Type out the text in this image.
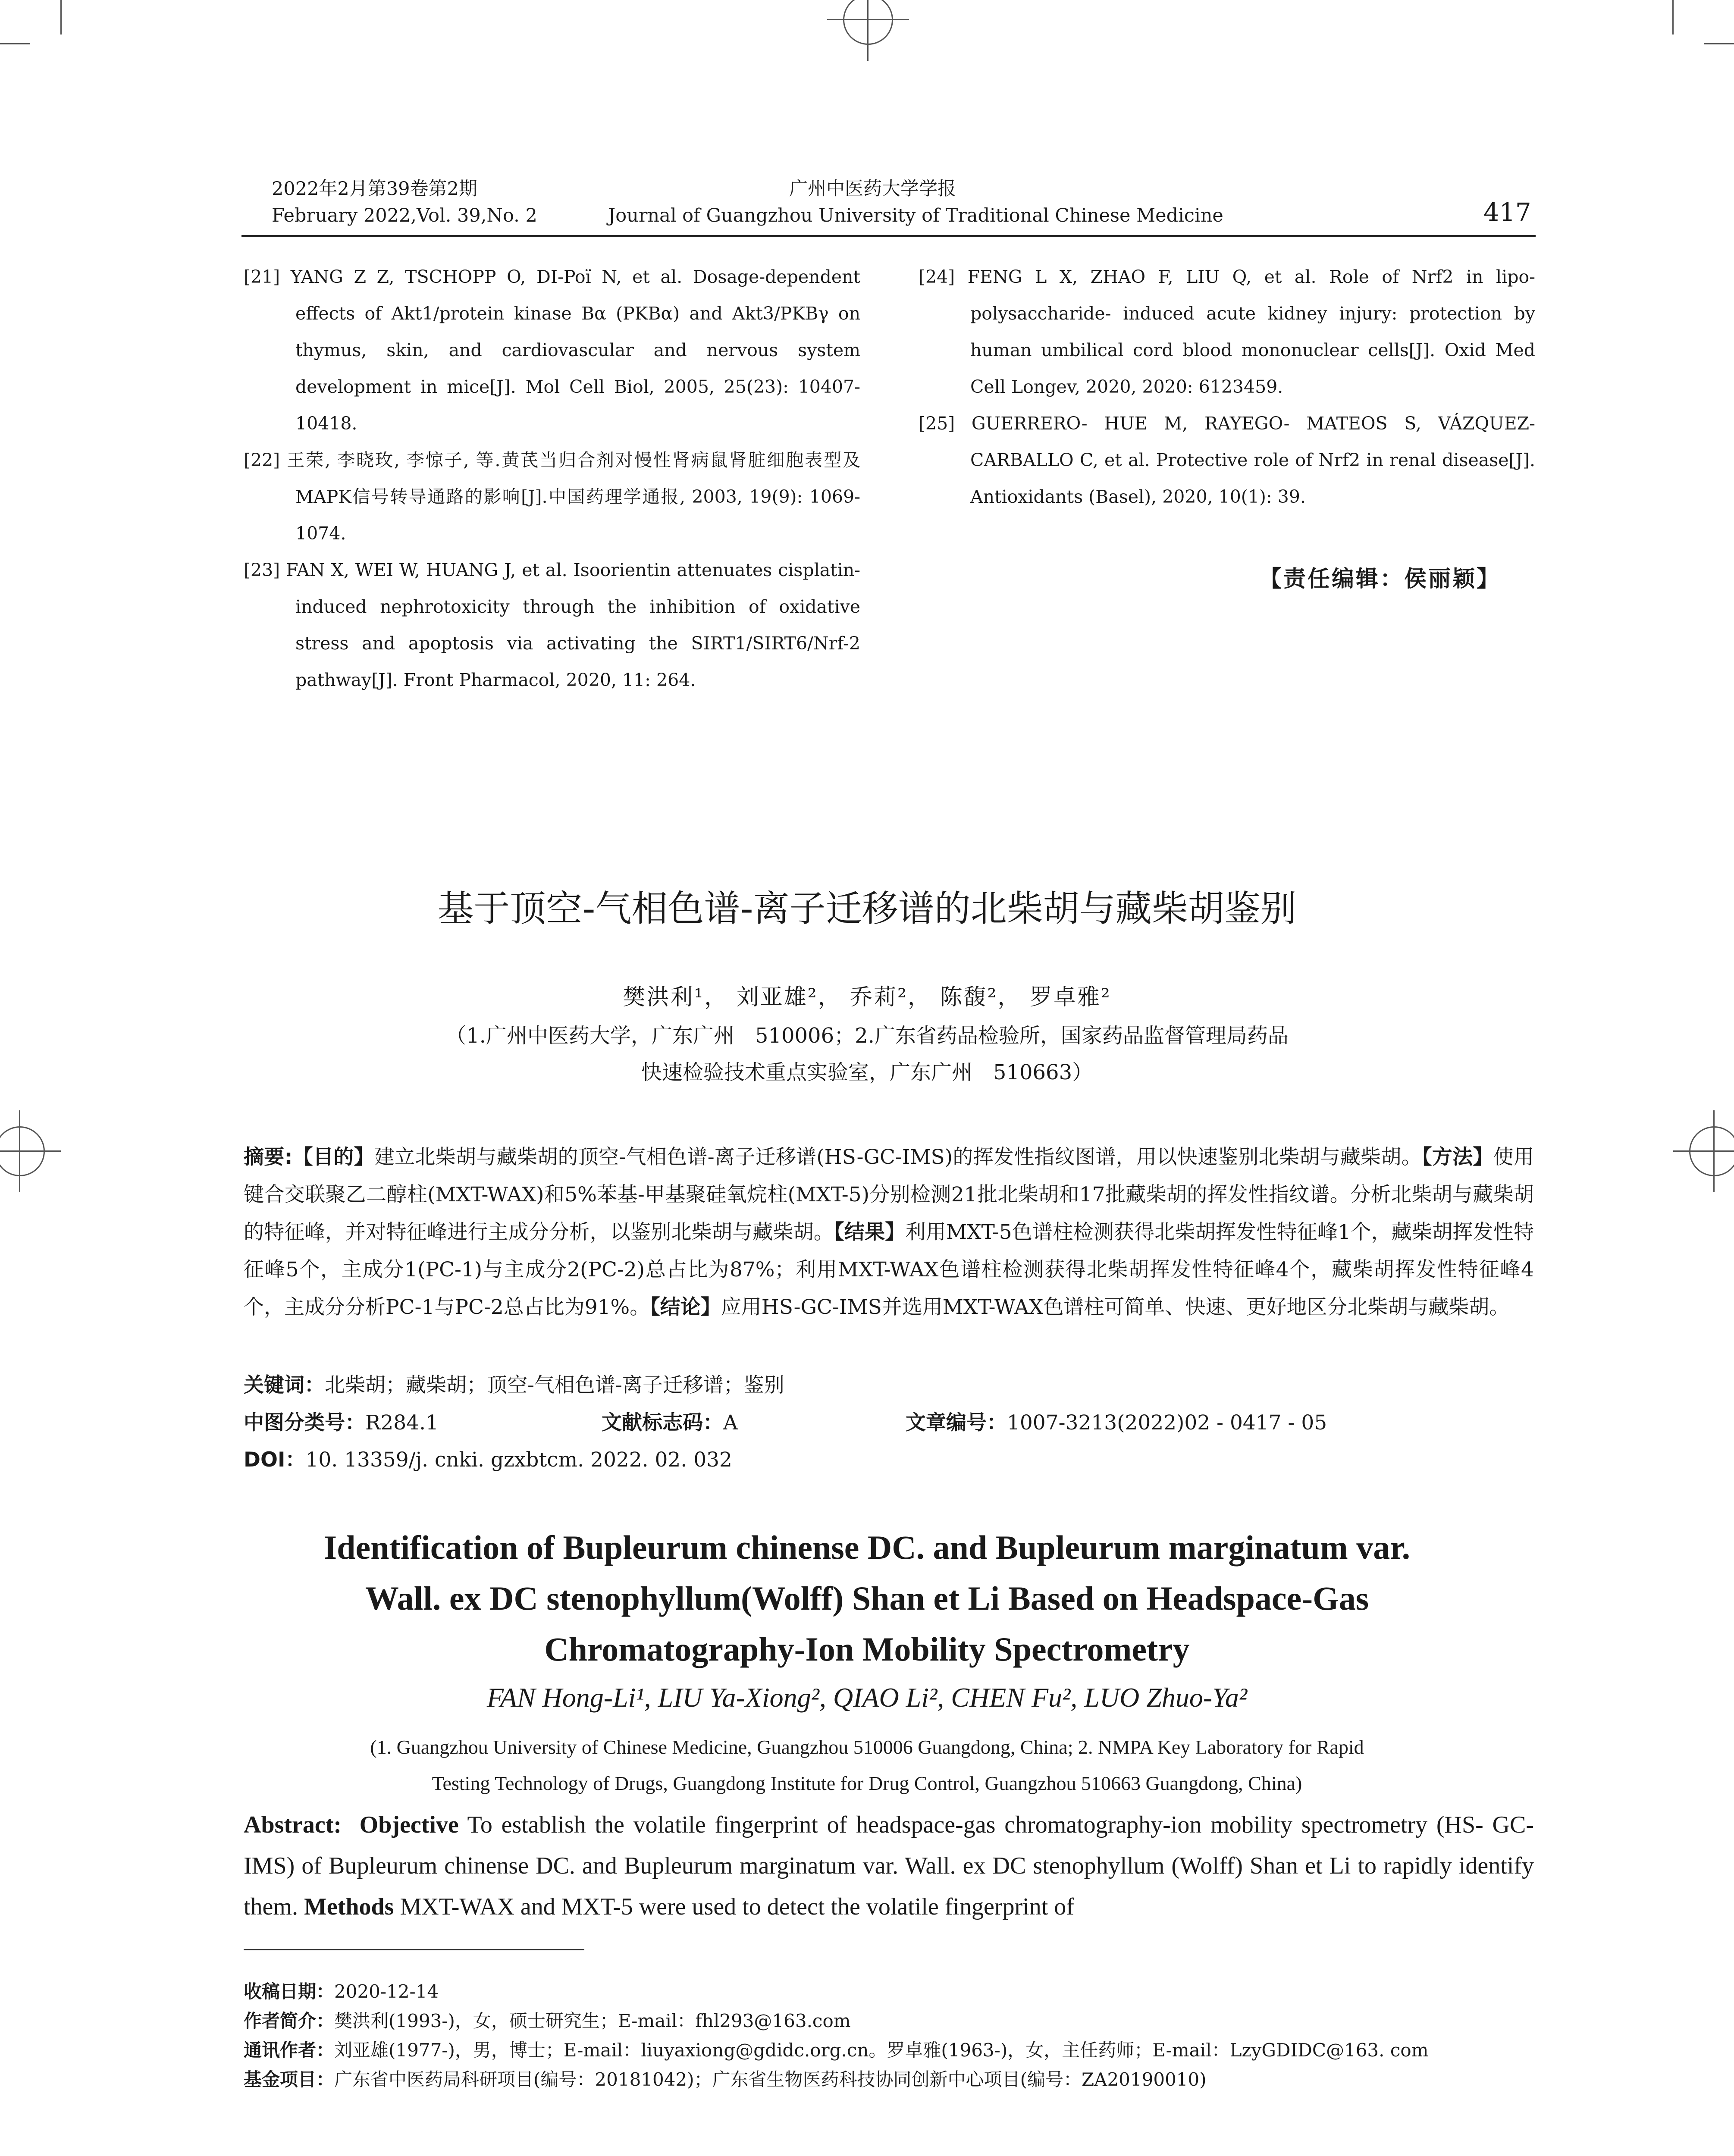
2022年2月第39卷第2期
February 2022,Vol. 39,No. 2
广州中医药大学学报
Journal of Guangzhou University of Traditional Chinese Medicine	417
[21] YANG Z Z, TSCHOPP O, DI-Poï N, et al. Dosage-dependent effects of Akt1/protein kinase Bα (PKBα) and Akt3/PKBγ on thymus, skin, and cardiovascular and nervous system development in mice[J]. Mol Cell Biol, 2005, 25(23): 10407-10418.
[22] 王荣, 李晓玫, 李惊子, 等.黄芪当归合剂对慢性肾病鼠肾脏细胞表型及MAPK信号转导通路的影响[J].中国药理学通报, 2003, 19(9): 1069-1074.
[23] FAN X, WEI W, HUANG J, et al. Isoorientin attenuates cisplatin- induced nephrotoxicity through the inhibition of oxidative stress and apoptosis via activating the SIRT1/SIRT6/Nrf-2 pathway[J]. Front Pharmacol, 2020, 11: 264.
[24] FENG L X, ZHAO F, LIU Q, et al. Role of Nrf2 in lipo-polysaccharide- induced acute kidney injury: protection by human umbilical cord blood mononuclear cells[J]. Oxid Med Cell Longev, 2020, 2020: 6123459.
[25] GUERRERO- HUE M, RAYEGO- MATEOS S, VÁZQUEZ-CARBALLO C, et al. Protective role of Nrf2 in renal disease[J]. Antioxidants (Basel), 2020, 10(1): 39.
【责任编辑：侯丽颖】
基于顶空-气相色谱-离子迁移谱的北柴胡与藏柴胡鉴别
樊洪利¹， 刘亚雄²， 乔莉²， 陈馥²， 罗卓雅²
（1.广州中医药大学，广东广州　510006；2.广东省药品检验所，国家药品监督管理局药品
快速检验技术重点实验室，广东广州　510663）
摘要:【目的】建立北柴胡与藏柴胡的顶空-气相色谱-离子迁移谱(HS-GC-IMS)的挥发性指纹图谱，用以快速鉴别北柴胡与藏柴胡。【方法】使用键合交联聚乙二醇柱(MXT-WAX)和5%苯基-甲基聚硅氧烷柱(MXT-5)分别检测21批北柴胡和17批藏柴胡的挥发性指纹谱。分析北柴胡与藏柴胡的特征峰，并对特征峰进行主成分分析，以鉴别北柴胡与藏柴胡。【结果】利用MXT-5色谱柱检测获得北柴胡挥发性特征峰1个，藏柴胡挥发性特征峰5个，主成分1(PC-1)与主成分2(PC-2)总占比为87%；利用MXT-WAX色谱柱检测获得北柴胡挥发性特征峰4个，藏柴胡挥发性特征峰4个，主成分分析PC-1与PC-2总占比为91%。【结论】应用HS-GC-IMS并选用MXT-WAX色谱柱可简单、快速、更好地区分北柴胡与藏柴胡。
关键词：北柴胡；藏柴胡；顶空-气相色谱-离子迁移谱；鉴别
中图分类号：R284.1	文献标志码：A	文章编号：1007-3213(2022)02 - 0417 - 05
DOI：10. 13359/j. cnki. gzxbtcm. 2022. 02. 032
Identification of Bupleurum chinense DC. and Bupleurum marginatum var.
Wall. ex DC stenophyllum(Wolff) Shan et Li Based on Headspace-Gas
Chromatography-Ion Mobility Spectrometry
FAN Hong-Li¹, LIU Ya-Xiong², QIAO Li², CHEN Fu², LUO Zhuo-Ya²
(1. Guangzhou University of Chinese Medicine, Guangzhou 510006 Guangdong, China; 2. NMPA Key Laboratory for Rapid
Testing Technology of Drugs, Guangdong Institute for Drug Control, Guangzhou 510663 Guangdong, China)
Abstract: Objective To establish the volatile fingerprint of headspace-gas chromatography-ion mobility spectrometry (HS- GC- IMS) of Bupleurum chinense DC. and Bupleurum marginatum var. Wall. ex DC stenophyllum (Wolff) Shan et Li to rapidly identify them. Methods MXT-WAX and MXT-5 were used to detect the volatile fingerprint of
收稿日期：2020-12-14
作者简介：樊洪利(1993-)，女，硕士研究生；E-mail：fhl293@163.com
通讯作者：刘亚雄(1977-)，男，博士；E-mail：liuyaxiong@gdidc.org.cn。罗卓雅(1963-)，女，主任药师；E-mail：LzyGDIDC@163. com
基金项目：广东省中医药局科研项目(编号：20181042)；广东省生物医药科技协同创新中心项目(编号：ZA20190010)
